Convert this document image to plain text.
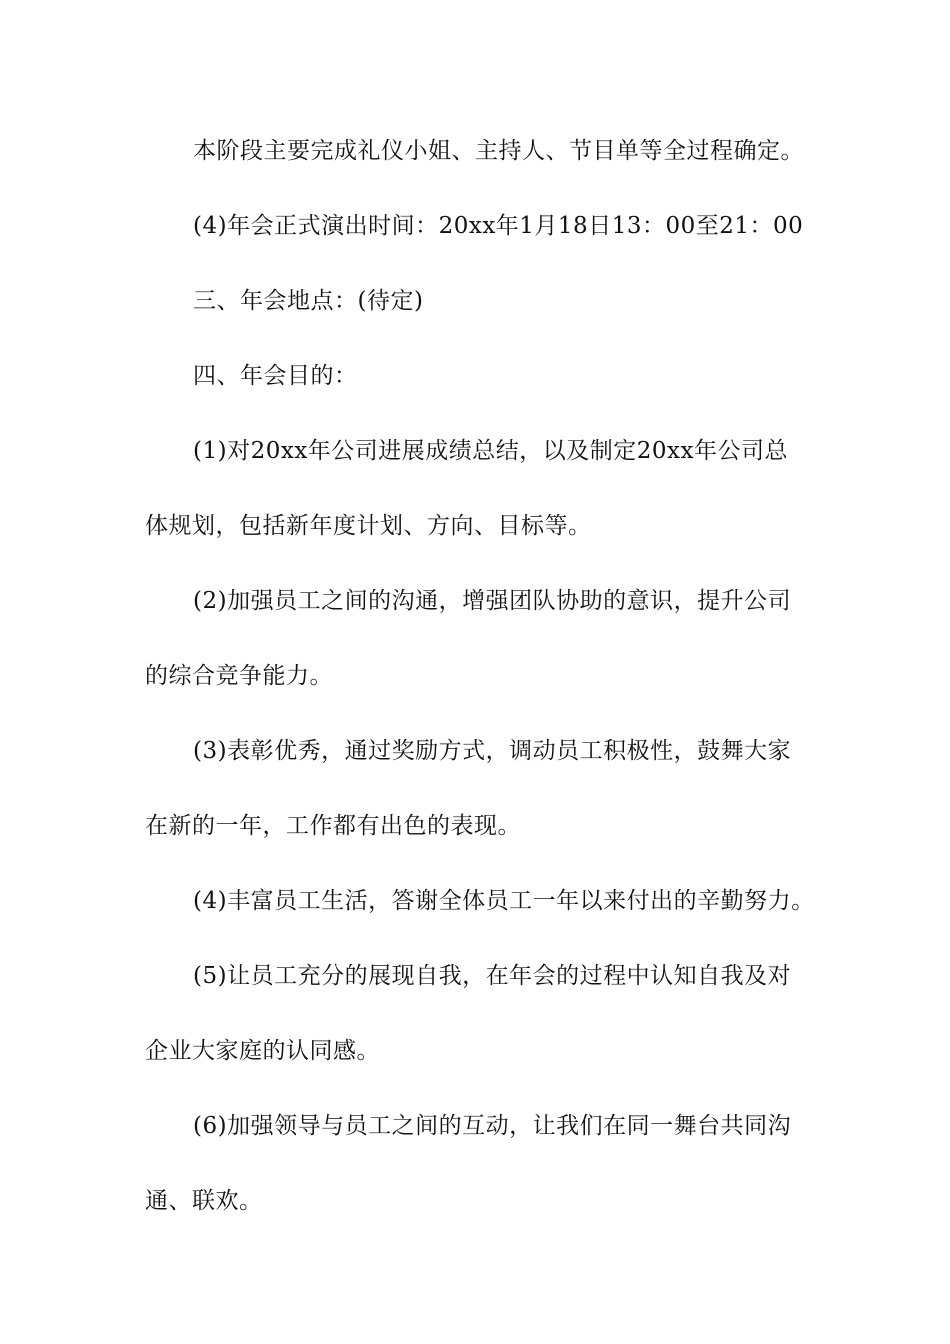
本阶段主要完成礼仪小姐、主持人、节目单等全过程确定。
(4)年会正式演出时间：20xx年1月18日13：00至21：00
三、年会地点：(待定)
四、年会目的：
(1)对20xx年公司进展成绩总结，以及制定20xx年公司总
体规划，包括新年度计划、方向、目标等。
(2)加强员工之间的沟通，增强团队协助的意识，提升公司
的综合竞争能力。
(3)表彰优秀，通过奖励方式，调动员工积极性，鼓舞大家
在新的一年，工作都有出色的表现。
(4)丰富员工生活，答谢全体员工一年以来付出的辛勤努力。
(5)让员工充分的展现自我，在年会的过程中认知自我及对
企业大家庭的认同感。
(6)加强领导与员工之间的互动，让我们在同一舞台共同沟
通、联欢。
